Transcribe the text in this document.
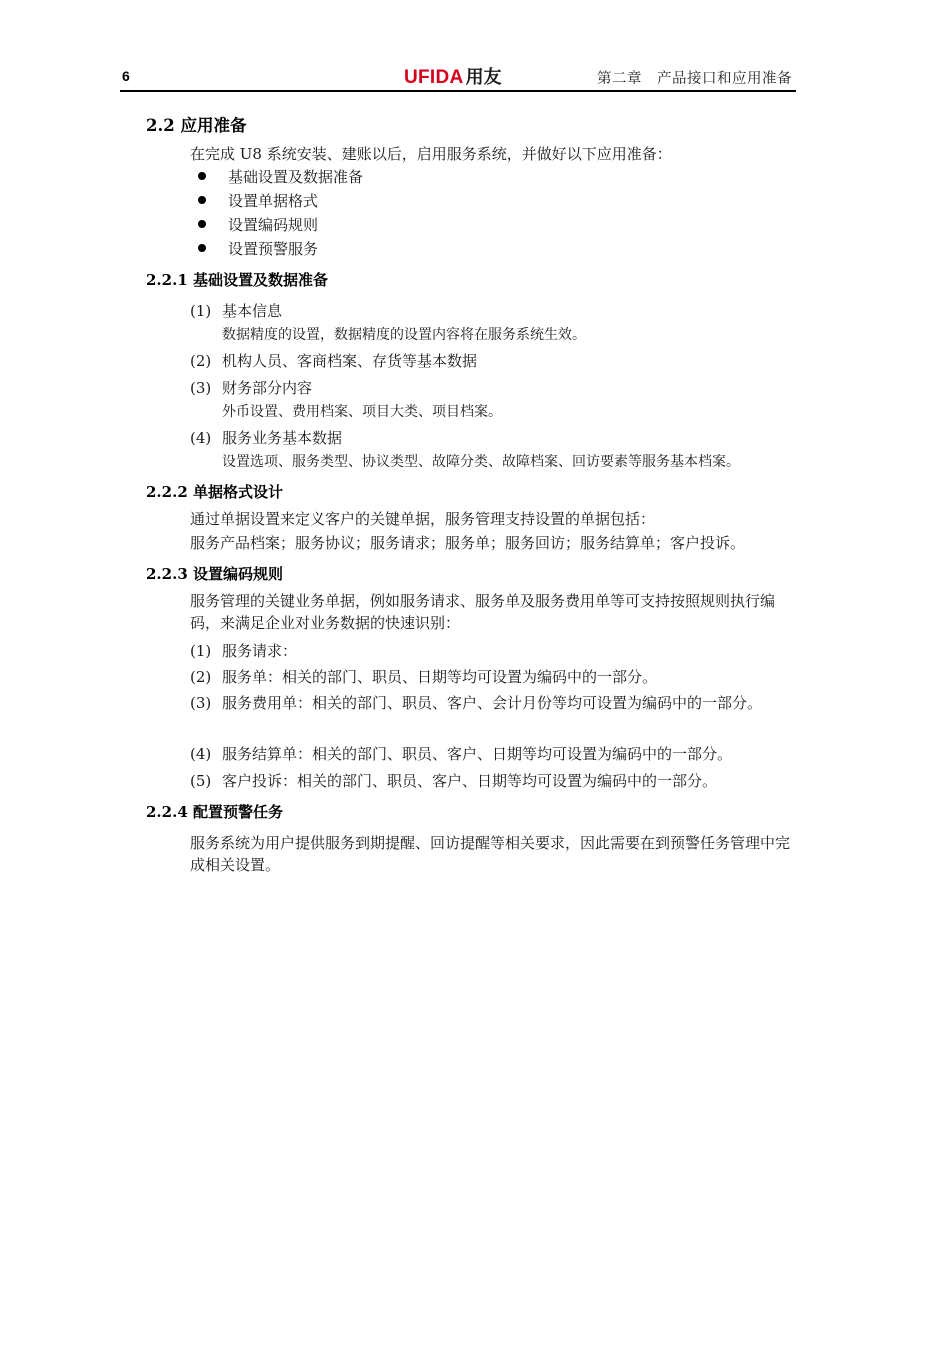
6	UFIDA 用友	第二章　产品接口和应用准备
2.2 应用准备
在完成 U8 系统安装、建账以后，启用服务系统，并做好以下应用准备：
基础设置及数据准备
设置单据格式
设置编码规则
设置预警服务
2.2.1 基础设置及数据准备
(1) 基本信息
数据精度的设置，数据精度的设置内容将在服务系统生效。
(2) 机构人员、客商档案、存货等基本数据
(3) 财务部分内容
外币设置、费用档案、项目大类、项目档案。
(4) 服务业务基本数据
设置选项、服务类型、协议类型、故障分类、故障档案、回访要素等服务基本档案。
2.2.2 单据格式设计
通过单据设置来定义客户的关键单据，服务管理支持设置的单据包括：
服务产品档案；服务协议；服务请求；服务单；服务回访；服务结算单；客户投诉。
2.2.3 设置编码规则
服务管理的关键业务单据，例如服务请求、服务单及服务费用单等可支持按照规则执行编码，来满足企业对业务数据的快速识别：
(1) 服务请求：
(2) 服务单：相关的部门、职员、日期等均可设置为编码中的一部分。
(3) 服务费用单：相关的部门、职员、客户、会计月份等均可设置为编码中的一部分。
(4) 服务结算单：相关的部门、职员、客户、日期等均可设置为编码中的一部分。
(5) 客户投诉：相关的部门、职员、客户、日期等均可设置为编码中的一部分。
2.2.4 配置预警任务
服务系统为用户提供服务到期提醒、回访提醒等相关要求，因此需要在到预警任务管理中完成相关设置。
